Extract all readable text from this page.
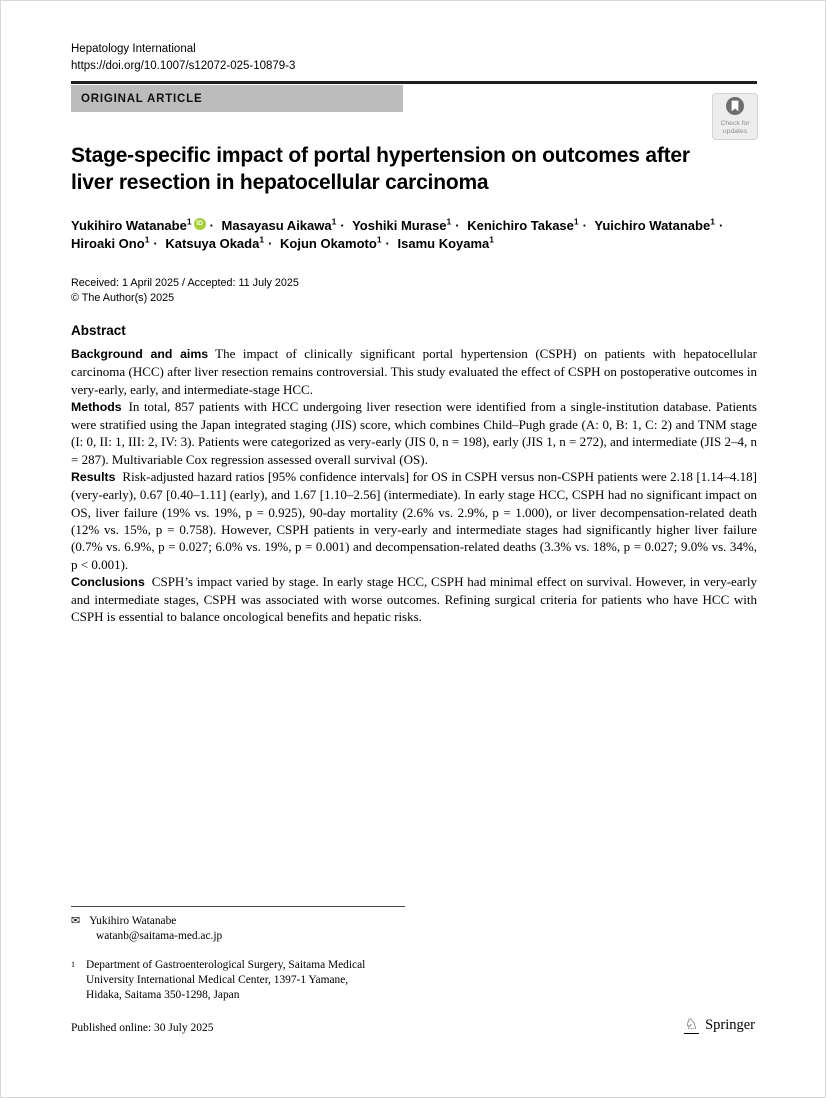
Hepatology International
https://doi.org/10.1007/s12072-025-10879-3
ORIGINAL ARTICLE
Check for
updates
Stage-specific impact of portal hypertension on outcomes after liver resection in hepatocellular carcinoma
Yukihiro Watanabe$^1$ iD · Masayasu Aikawa$^1$ · Yoshiki Murase$^1$ · Kenichiro Takase$^1$ · Yuichiro Watanabe$^1$ ·
Hiroaki Ono$^1$ · Katsuya Okada$^1$ · Kojun Okamoto$^1$ · Isamu Koyama$^1$
Received: 1 April 2025 / Accepted: 11 July 2025
© The Author(s) 2025
Abstract

Background and aims The impact of clinically significant portal hypertension (CSPH) on patients with hepatocellular carcinoma (HCC) after liver resection remains controversial. This study evaluated the effect of CSPH on postoperative outcomes in very-early, early, and intermediate-stage HCC.

Methods In total, 857 patients with HCC undergoing liver resection were identified from a single-institution database. Patients were stratified using the Japan integrated staging (JIS) score, which combines Child–Pugh grade (A: 0, B: 1, C: 2) and TNM stage (I: 0, II: 1, III: 2, IV: 3). Patients were categorized as very-early (JIS 0, n = 198), early (JIS 1, n = 272), and intermediate (JIS 2–4, n = 287). Multivariable Cox regression assessed overall survival (OS).

Results Risk-adjusted hazard ratios [95% confidence intervals] for OS in CSPH versus non-CSPH patients were 2.18 [1.14–4.18] (very-early), 0.67 [0.40–1.11] (early), and 1.67 [1.10–2.56] (intermediate). In early stage HCC, CSPH had no significant impact on OS, liver failure (19% vs. 19%, p = 0.925), 90-day mortality (2.6% vs. 2.9%, p = 1.000), or liver decompensation-related death (12% vs. 15%, p = 0.758). However, CSPH patients in very-early and intermediate stages had significantly higher liver failure (0.7% vs. 6.9%, p = 0.027; 6.0% vs. 19%, p = 0.001) and decompensation-related deaths (3.3% vs. 18%, p = 0.027; 9.0% vs. 34%, p < 0.001).

Conclusions CSPH’s impact varied by stage. In early stage HCC, CSPH had minimal effect on survival. However, in very-early and intermediate stages, CSPH was associated with worse outcomes. Refining surgical criteria for patients who have HCC with CSPH is essential to balance oncological benefits and hepatic risks.

✉ Yukihiro Watanabe
watanb@saitama-med.ac.jp
1 Department of Gastroenterological Surgery, Saitama Medical University International Medical Center, 1397-1 Yamane, Hidaka, Saitama 350-1298, Japan
Published online: 30 July 2025	♘ Springer
